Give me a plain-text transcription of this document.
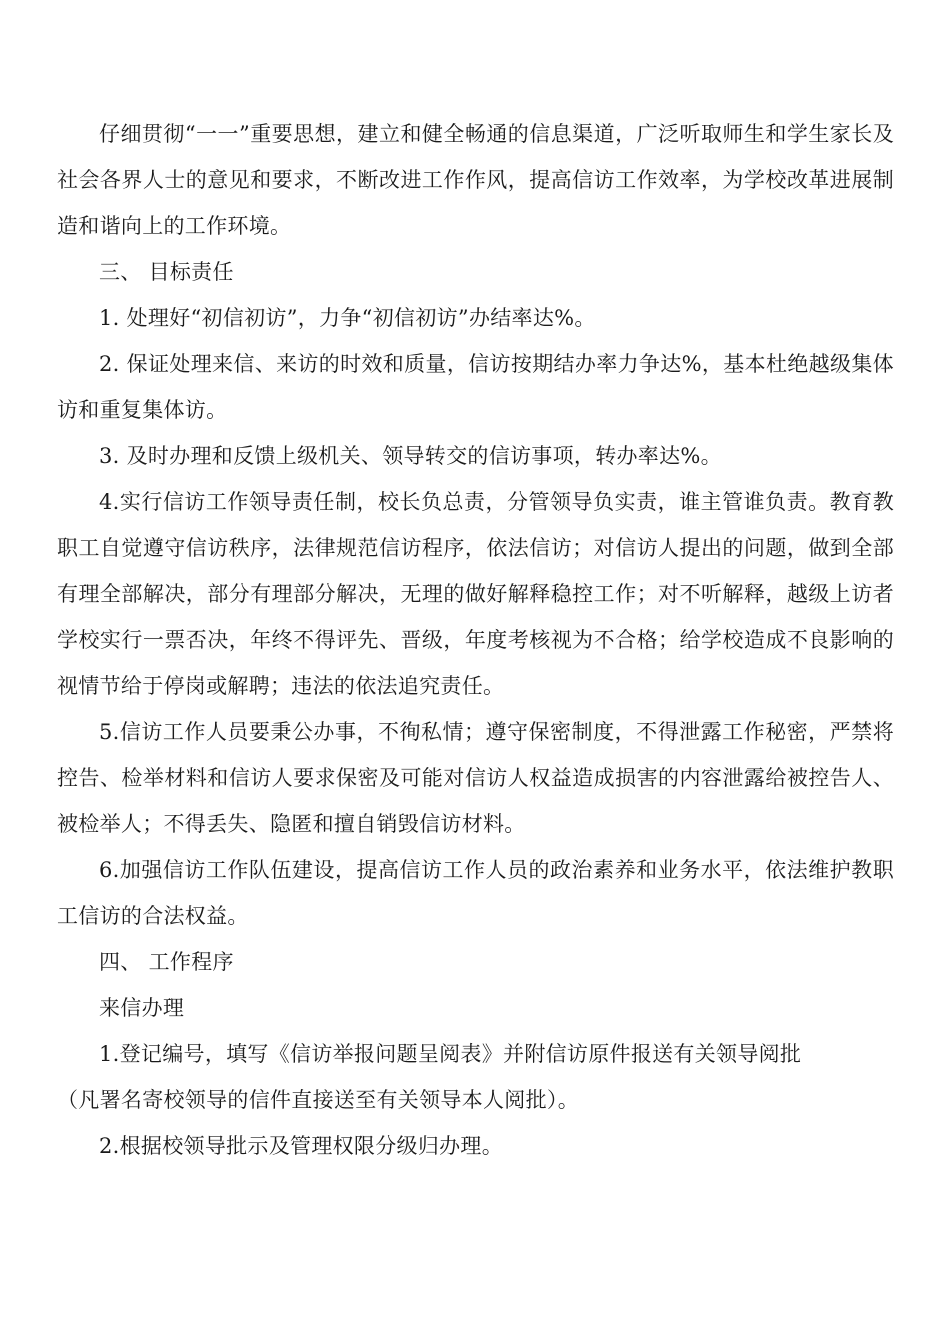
仔细贯彻“一一”重要思想，建立和健全畅通的信息渠道，广泛听取师生和学生家长及社会各界人士的意见和要求，不断改进工作作风，提高信访工作效率，为学校改革进展制造和谐向上的工作环境。

三、 目标责任

1. 处理好“初信初访”，力争“初信初访”办结率达%。

2. 保证处理来信、来访的时效和质量，信访按期结办率力争达%，基本杜绝越级集体访和重复集体访。

3. 及时办理和反馈上级机关、领导转交的信访事项，转办率达%。

4.实行信访工作领导责任制，校长负总责，分管领导负实责，谁主管谁负责。教育教职工自觉遵守信访秩序，法律规范信访程序，依法信访；对信访人提出的问题，做到全部有理全部解决，部分有理部分解决，无理的做好解释稳控工作；对不听解释，越级上访者学校实行一票否决，年终不得评先、晋级，年度考核视为不合格；给学校造成不良影响的视情节给于停岗或解聘；违法的依法追究责任。

5.信访工作人员要秉公办事，不徇私情；遵守保密制度，不得泄露工作秘密，严禁将控告、检举材料和信访人要求保密及可能对信访人权益造成损害的内容泄露给被控告人、被检举人；不得丢失、隐匿和擅自销毁信访材料。

6.加强信访工作队伍建设，提高信访工作人员的政治素养和业务水平，依法维护教职工信访的合法权益。

四、 工作程序

来信办理

1.登记编号，填写《信访举报问题呈阅表》并附信访原件报送有关领导阅批

（凡署名寄校领导的信件直接送至有关领导本人阅批）。

2.根据校领导批示及管理权限分级归办理。
